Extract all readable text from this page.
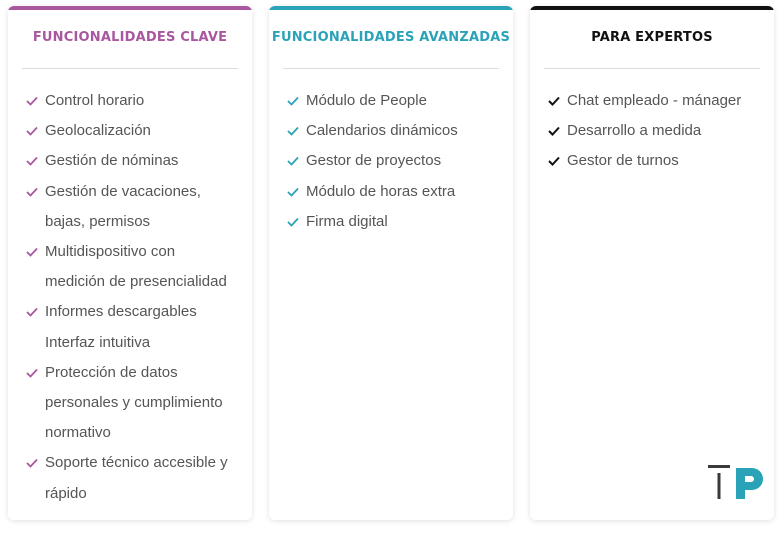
FUNCIONALIDADES CLAVE
Control horario
Geolocalización
Gestión de nóminas
Gestión de vacaciones, bajas, permisos
Multidispositivo con medición de presencialidad
Informes descargables Interfaz intuitiva
Protección de datos personales y cumplimiento normativo
Soporte técnico accesible y rápido
FUNCIONALIDADES AVANZADAS
Módulo de People
Calendarios dinámicos
Gestor de proyectos
Módulo de horas extra
Firma digital
PARA EXPERTOS
Chat empleado - mánager
Desarrollo a medida
Gestor de turnos
